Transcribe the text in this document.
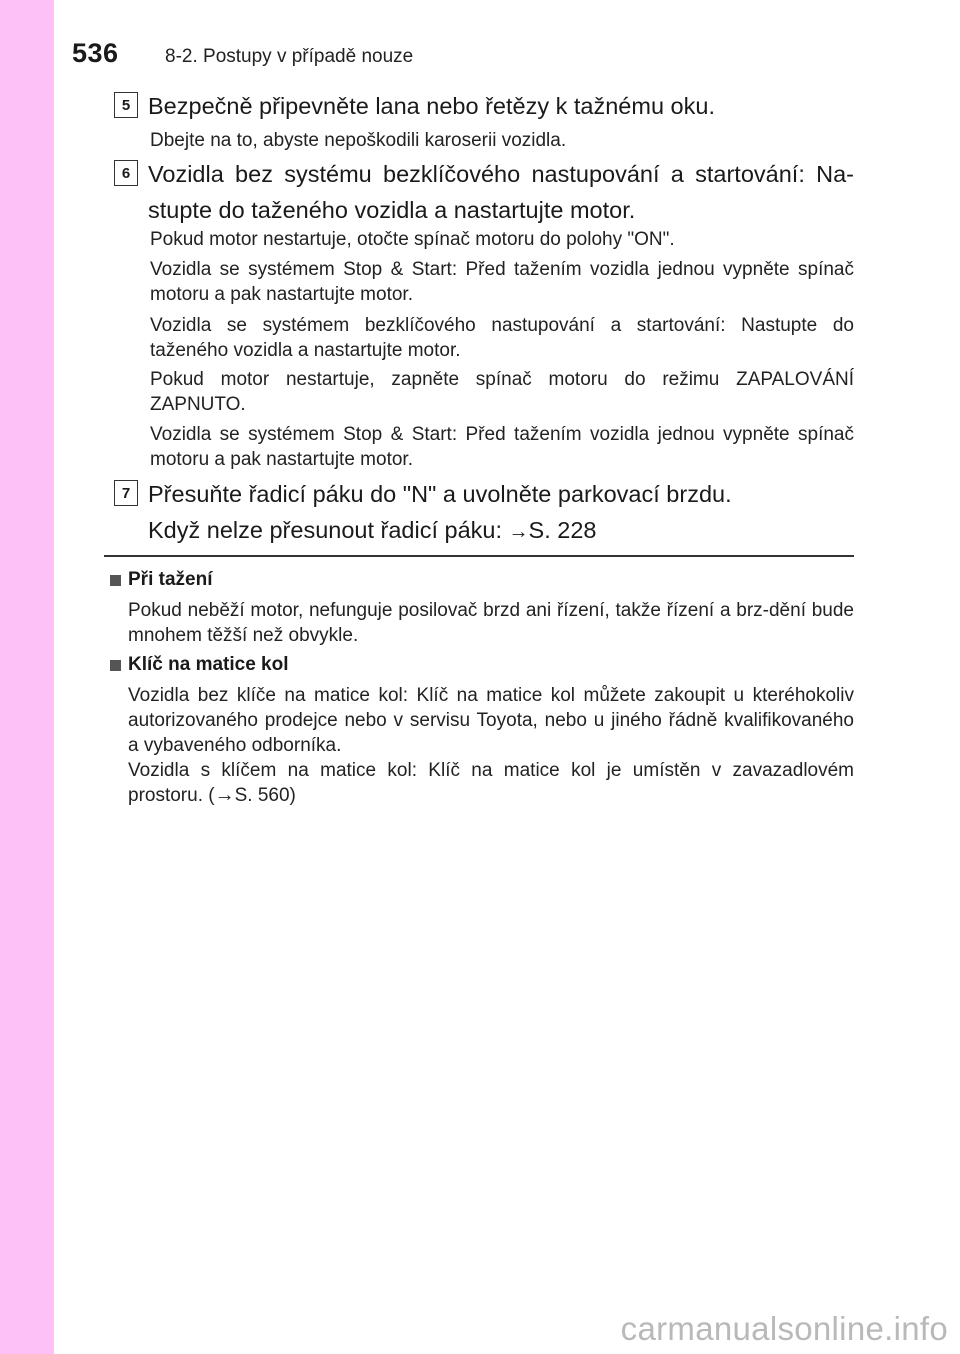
536 8-2. Postupy v případě nouze
5 Bezpečně připevněte lana nebo řetězy k tažnému oku.
Dbejte na to, abyste nepoškodili karoserii vozidla.
6 Vozidla bez systému bezklíčového nastupování a startování: Na-stupte do taženého vozidla a nastartujte motor.
Pokud motor nestartuje, otočte spínač motoru do polohy "ON".
Vozidla se systémem Stop & Start: Před tažením vozidla jednou vypněte spínač motoru a pak nastartujte motor.
Vozidla se systémem bezklíčového nastupování a startování: Nastupte do taženého vozidla a nastartujte motor.
Pokud motor nestartuje, zapněte spínač motoru do režimu ZAPALOVÁNÍ ZAPNUTO.
Vozidla se systémem Stop & Start: Před tažením vozidla jednou vypněte spínač motoru a pak nastartujte motor.
7 Přesuňte řadicí páku do "N" a uvolněte parkovací brzdu.
Když nelze přesunout řadicí páku: →S. 228
Při tažení

Pokud neběží motor, nefunguje posilovač brzd ani řízení, takže řízení a brz-dění bude mnohem těžší než obvykle.

Klíč na matice kol

Vozidla bez klíče na matice kol: Klíč na matice kol můžete zakoupit u kteréhokoliv autorizovaného prodejce nebo v servisu Toyota, nebo u jiného řádně kvalifikovaného a vybaveného odborníka.

Vozidla s klíčem na matice kol: Klíč na matice kol je umístěn v zavazadlovém prostoru. (→S. 560)

carmanualsonline.info
